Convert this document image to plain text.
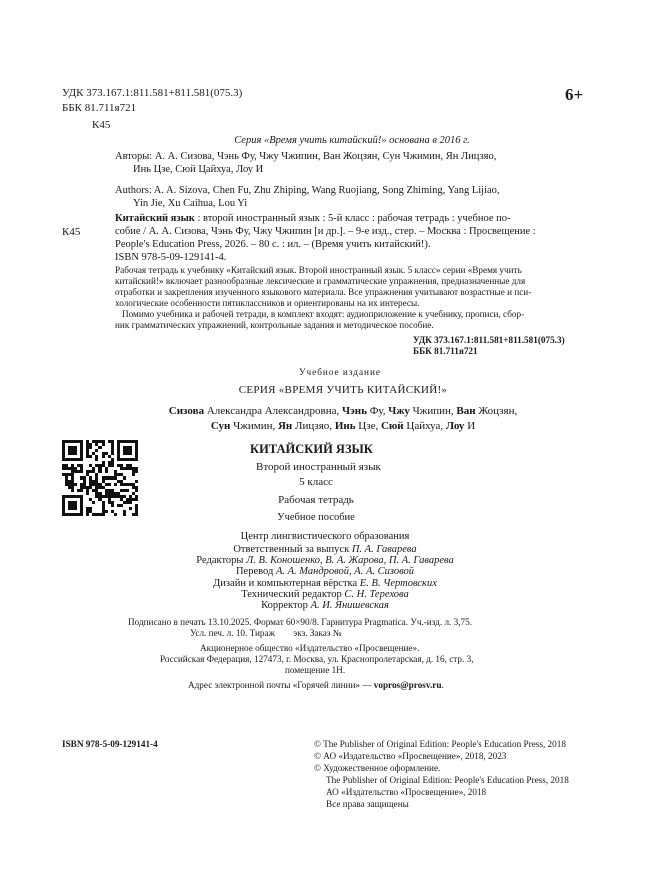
УДК 373.167.1:811.581+811.581(075.3)
ББК 81.711я721
К45
6+
Серия «Время учить китайский!» основана в 2016 г.
Авторы: А. А. Сизова, Чэнь Фу, Чжу Чжипин, Ван Жоцзян, Сун Чжимин, Ян Лицзяо,
Инь Цзе, Сюй Цайхуа, Лоу И
Authors: A. A. Sizova, Chen Fu, Zhu Zhiping, Wang Ruojiang, Song Zhiming, Yang Lijiao,
Yin Jie, Xu Caihua, Lou Yi
К45
Китайский язык : второй иностранный язык : 5-й класс : рабочая тетрадь : учебное по-
собие / А. А. Сизова, Чэнь Фу, Чжу Чжипин [и др.]. – 9-е изд., стер. – Москва : Просвещение :
People's Education Press, 2026. – 80 с. : ил. – (Время учить китайский!).
ISBN 978-5-09-129141-4.
Рабочая тетрадь к учебнику «Китайский язык. Второй иностранный язык. 5 класс» серии «Время учить
китайский!» включает разнообразные лексические и грамматические упражнения, предназначенные для
отработки и закрепления изученного языкового материала. Все упражнения учитывают возрастные и пси-
хологические особенности пятиклассников и ориентированы на их интересы.
Помимо учебника и рабочей тетради, в комплект входят: аудиоприложение к учебнику, прописи, сбор-
ник грамматических упражнений, контрольные задания и методическое пособие.
УДК 373.167.1:811.581+811.581(075.3)
ББК 81.711я721
Учебное издание
СЕРИЯ «ВРЕМЯ УЧИТЬ КИТАЙСКИЙ!»
Сизова Александра Александровна, Чэнь Фу, Чжу Чжипин, Ван Жоцзян,
Сун Чжимин, Ян Лицзяо, Инь Цзе, Сюй Цайхуа, Лоу И
КИТАЙСКИЙ ЯЗЫК
Второй иностранный язык
5 класс
Рабочая тетрадь
Учебное пособие
Центр лингвистического образования
Ответственный за выпуск П. А. Гаварева
Редакторы Л. В. Коношенко, В. А. Жарова, П. А. Гаварева
Перевод А. А. Мандровой, А. А. Сизовой
Дизайн и компьютерная вёрстка Е. В. Чертовских
Технический редактор С. Н. Терехова
Корректор А. И. Янишевская
Подписано в печать 13.10.2025. Формат 60×90/8. Гарнитура Pragmatica. Уч.-изд. л. 3,75.
Усл. печ. л. 10. Тираж        экз. Заказ №
Акционерное общество «Издательство «Просвещение».
Российская Федерация, 127473, г. Москва, ул. Краснопролетарская, д. 16, стр. 3,
помещение 1Н.
Адрес электронной почты «Горячей линии» — vopros@prosv.ru.
ISBN 978-5-09-129141-4	© The Publisher of Original Edition: People's Education Press, 2018
© АО «Издательство «Просвещение», 2018, 2023
© Художественное оформление.
The Publisher of Original Edition: People's Education Press, 2018
АО «Издательство «Просвещение», 2018
Все права защищены
